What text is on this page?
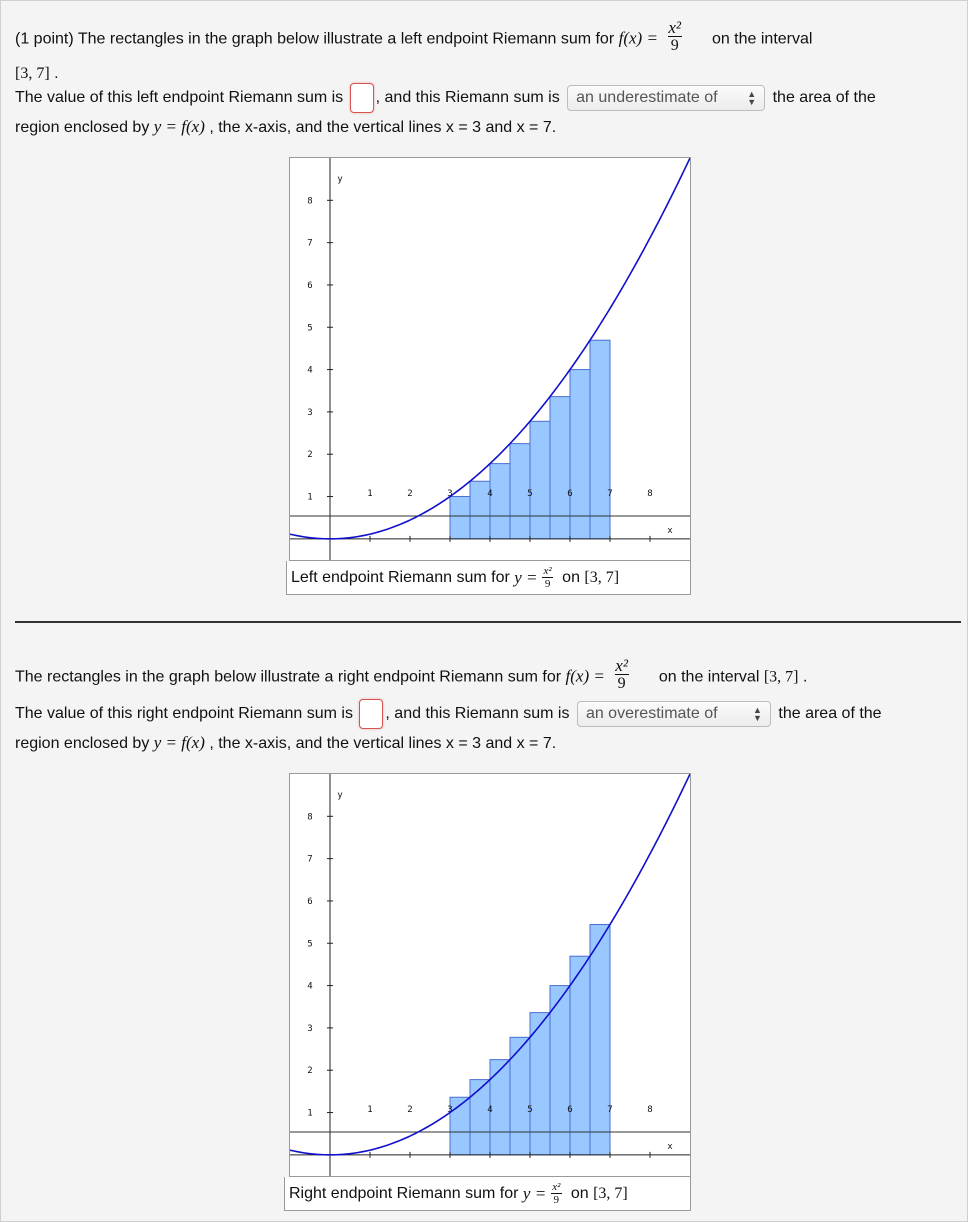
(1 point) The rectangles in the graph below illustrate a left endpoint Riemann sum for $f(x) = \frac{\text{x²}}{9}$ on the interval
[3, 7] .
The value of this left endpoint Riemann sum is , and this Riemann sum is an underestimate of	▲
▼ the area of the
region enclosed by y = f(x) , the x-axis, and the vertical lines x = 3 and x = 7.
1	2	3	4	5	6	7	8
1
2
3
4
5
6
7
8
x
y
Left endpoint Riemann sum for
$y = \frac{\text{x²}}{9}$
on
[3, 7]
The rectangles in the graph below illustrate a right endpoint Riemann sum for $f(x) = \frac{\text{x²}}{9}$ on the interval [3, 7] .
The value of this right endpoint Riemann sum is , and this Riemann sum is an overestimate of	▲
▼ the area of the
region enclosed by y = f(x) , the x-axis, and the vertical lines x = 3 and x = 7.
1	2	3	4	5	6	7	8
1
2
3
4
5
6
7
8
x
y
Right endpoint Riemann sum for
$y = \frac{\text{x²}}{9}$
on
[3, 7]
